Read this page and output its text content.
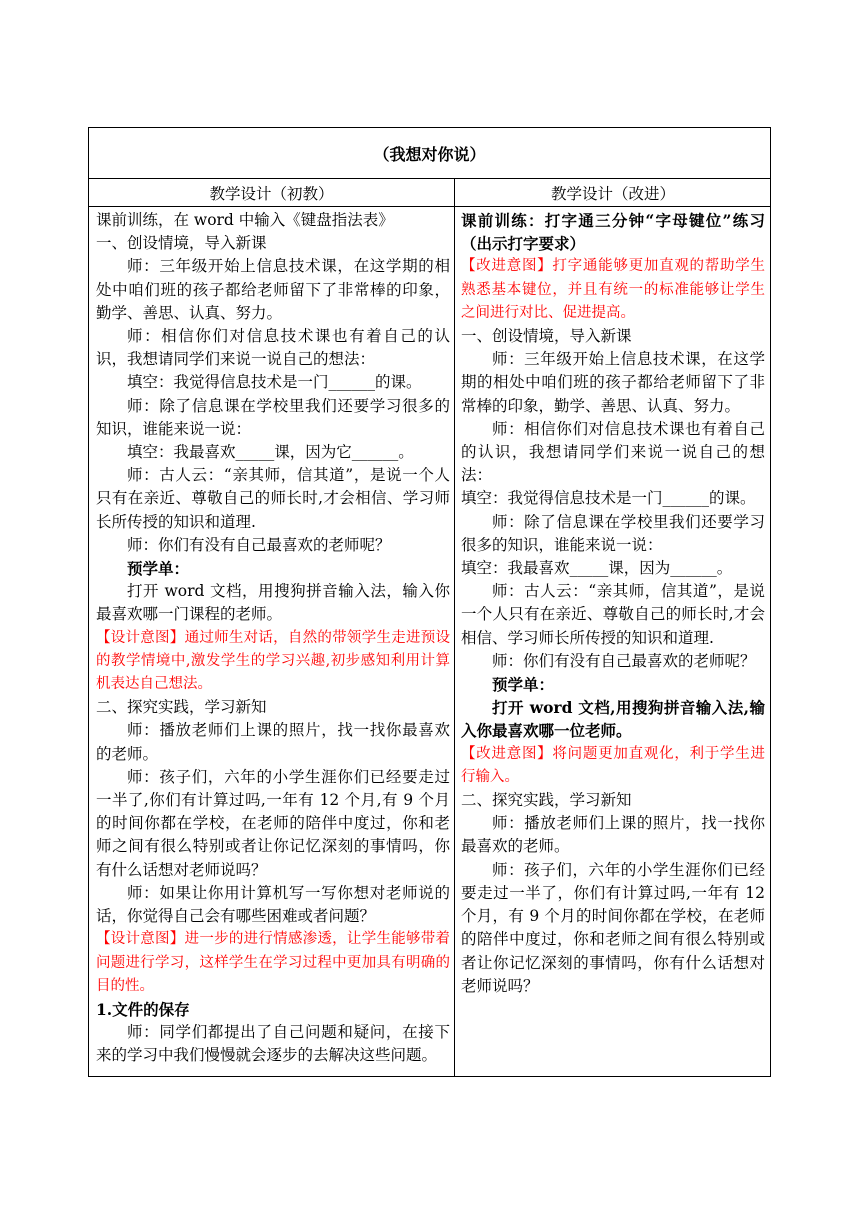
（我想对你说）
教学设计（初教）	教学设计（改进）

课前训练，在 word 中输入《键盘指法表》

一、创设情境，导入新课

师：三年级开始上信息技术课，在这学期的相处中咱们班的孩子都给老师留下了非常棒的印象，勤学、善思、认真、努力。

师：相信你们对信息技术课也有着自己的认识，我想请同学们来说一说自己的想法：

填空：我觉得信息技术是一门______的课。

师：除了信息课在学校里我们还要学习很多的知识，谁能来说一说：

填空：我最喜欢_____课，因为它______。

师：古人云：“亲其师，信其道”，是说一个人只有在亲近、尊敬自己的师长时,才会相信、学习师长所传授的知识和道理.

师：你们有没有自己最喜欢的老师呢？

预学单：

打开 word 文档，用搜狗拼音输入法，输入你最喜欢哪一门课程的老师。

【设计意图】通过师生对话，自然的带领学生走进预设的教学情境中,激发学生的学习兴趣,初步感知利用计算机表达自己想法。

二、探究实践，学习新知

师：播放老师们上课的照片，找一找你最喜欢的老师。

师：孩子们，六年的小学生涯你们已经要走过一半了,你们有计算过吗,一年有 12 个月,有 9 个月的时间你都在学校，在老师的陪伴中度过，你和老师之间有很么特别或者让你记忆深刻的事情吗，你有什么话想对老师说吗？

师：如果让你用计算机写一写你想对老师说的话，你觉得自己会有哪些困难或者问题？

【设计意图】进一步的进行情感渗透，让学生能够带着问题进行学习，这样学生在学习过程中更加具有明确的目的性。

1.文件的保存

师：同学们都提出了自己问题和疑问，在接下来的学习中我们慢慢就会逐步的去解决这些问题。

课前训练：打字通三分钟“字母键位”练习（出示打字要求）

【改进意图】打字通能够更加直观的帮助学生熟悉基本键位，并且有统一的标准能够让学生之间进行对比、促进提高。

一、创设情境，导入新课

师：三年级开始上信息技术课，在这学期的相处中咱们班的孩子都给老师留下了非常棒的印象，勤学、善思、认真、努力。

师：相信你们对信息技术课也有着自己的认识，我想请同学们来说一说自己的想法：

填空：我觉得信息技术是一门______的课。

师：除了信息课在学校里我们还要学习很多的知识，谁能来说一说：

填空：我最喜欢_____课，因为______。

师：古人云：“亲其师，信其道”，是说一个人只有在亲近、尊敬自己的师长时,才会相信、学习师长所传授的知识和道理.

师：你们有没有自己最喜欢的老师呢？

预学单：

打开 word 文档,用搜狗拼音输入法,输入你最喜欢哪一位老师。

【改进意图】将问题更加直观化，利于学生进行输入。

二、探究实践，学习新知

师：播放老师们上课的照片，找一找你最喜欢的老师。

师：孩子们，六年的小学生涯你们已经要走过一半了，你们有计算过吗,一年有 12 个月，有 9 个月的时间你都在学校，在老师的陪伴中度过，你和老师之间有很么特别或者让你记忆深刻的事情吗，你有什么话想对老师说吗？
